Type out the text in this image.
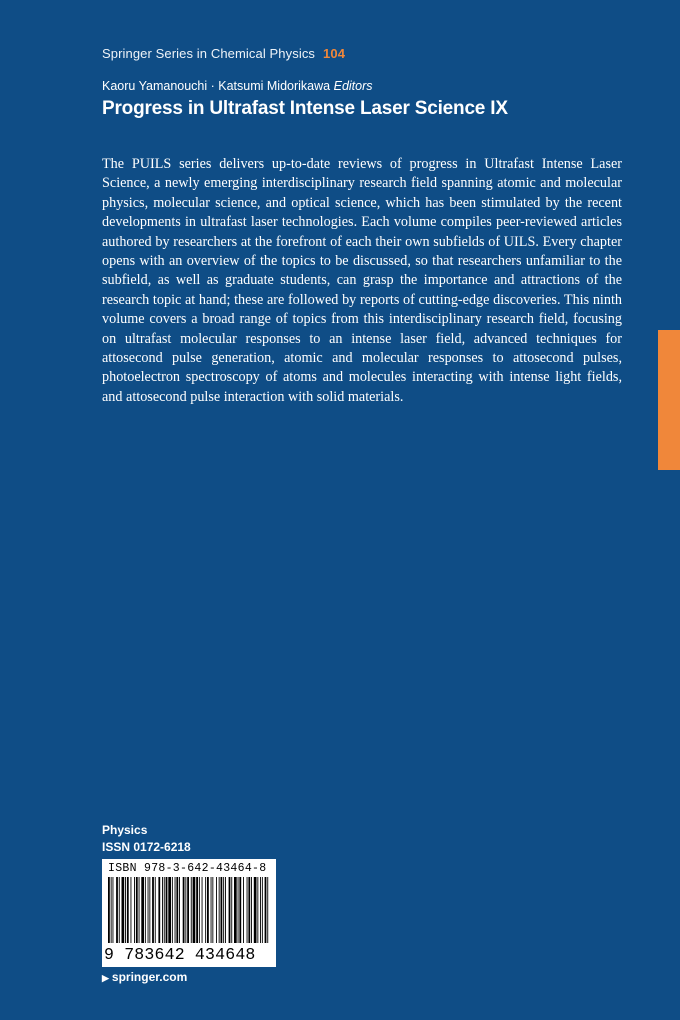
Springer Series in Chemical Physics 104
Kaoru Yamanouchi · Katsumi Midorikawa Editors
Progress in Ultrafast Intense Laser Science IX

The PUILS series delivers up-to-date reviews of progress in Ultrafast Intense Laser Science, a newly emerging interdisciplinary research field spanning atomic and molecular physics, molecular science, and optical science, which has been stimulated by the recent developments in ultrafast laser technologies. Each volume compiles peer-reviewed articles authored by researchers at the forefront of each their own subfields of UILS. Every chapter opens with an overview of the topics to be discussed, so that researchers unfamiliar to the subfield, as well as graduate students, can grasp the importance and attractions of the research topic at hand; these are followed by reports of cutting-edge discoveries. This ninth volume covers a broad range of topics from this interdisciplinary research field, focusing on ultrafast molecular responses to an intense laser field, advanced techniques for attosecond pulse generation, atomic and molecular responses to attosecond pulses, photoelectron spectroscopy of atoms and molecules interacting with intense light fields, and attosecond pulse interaction with solid materials.

Physics
ISSN 0172-6218
ISBN 978-3-642-43464-8
9 783642 434648
▶ springer.com
